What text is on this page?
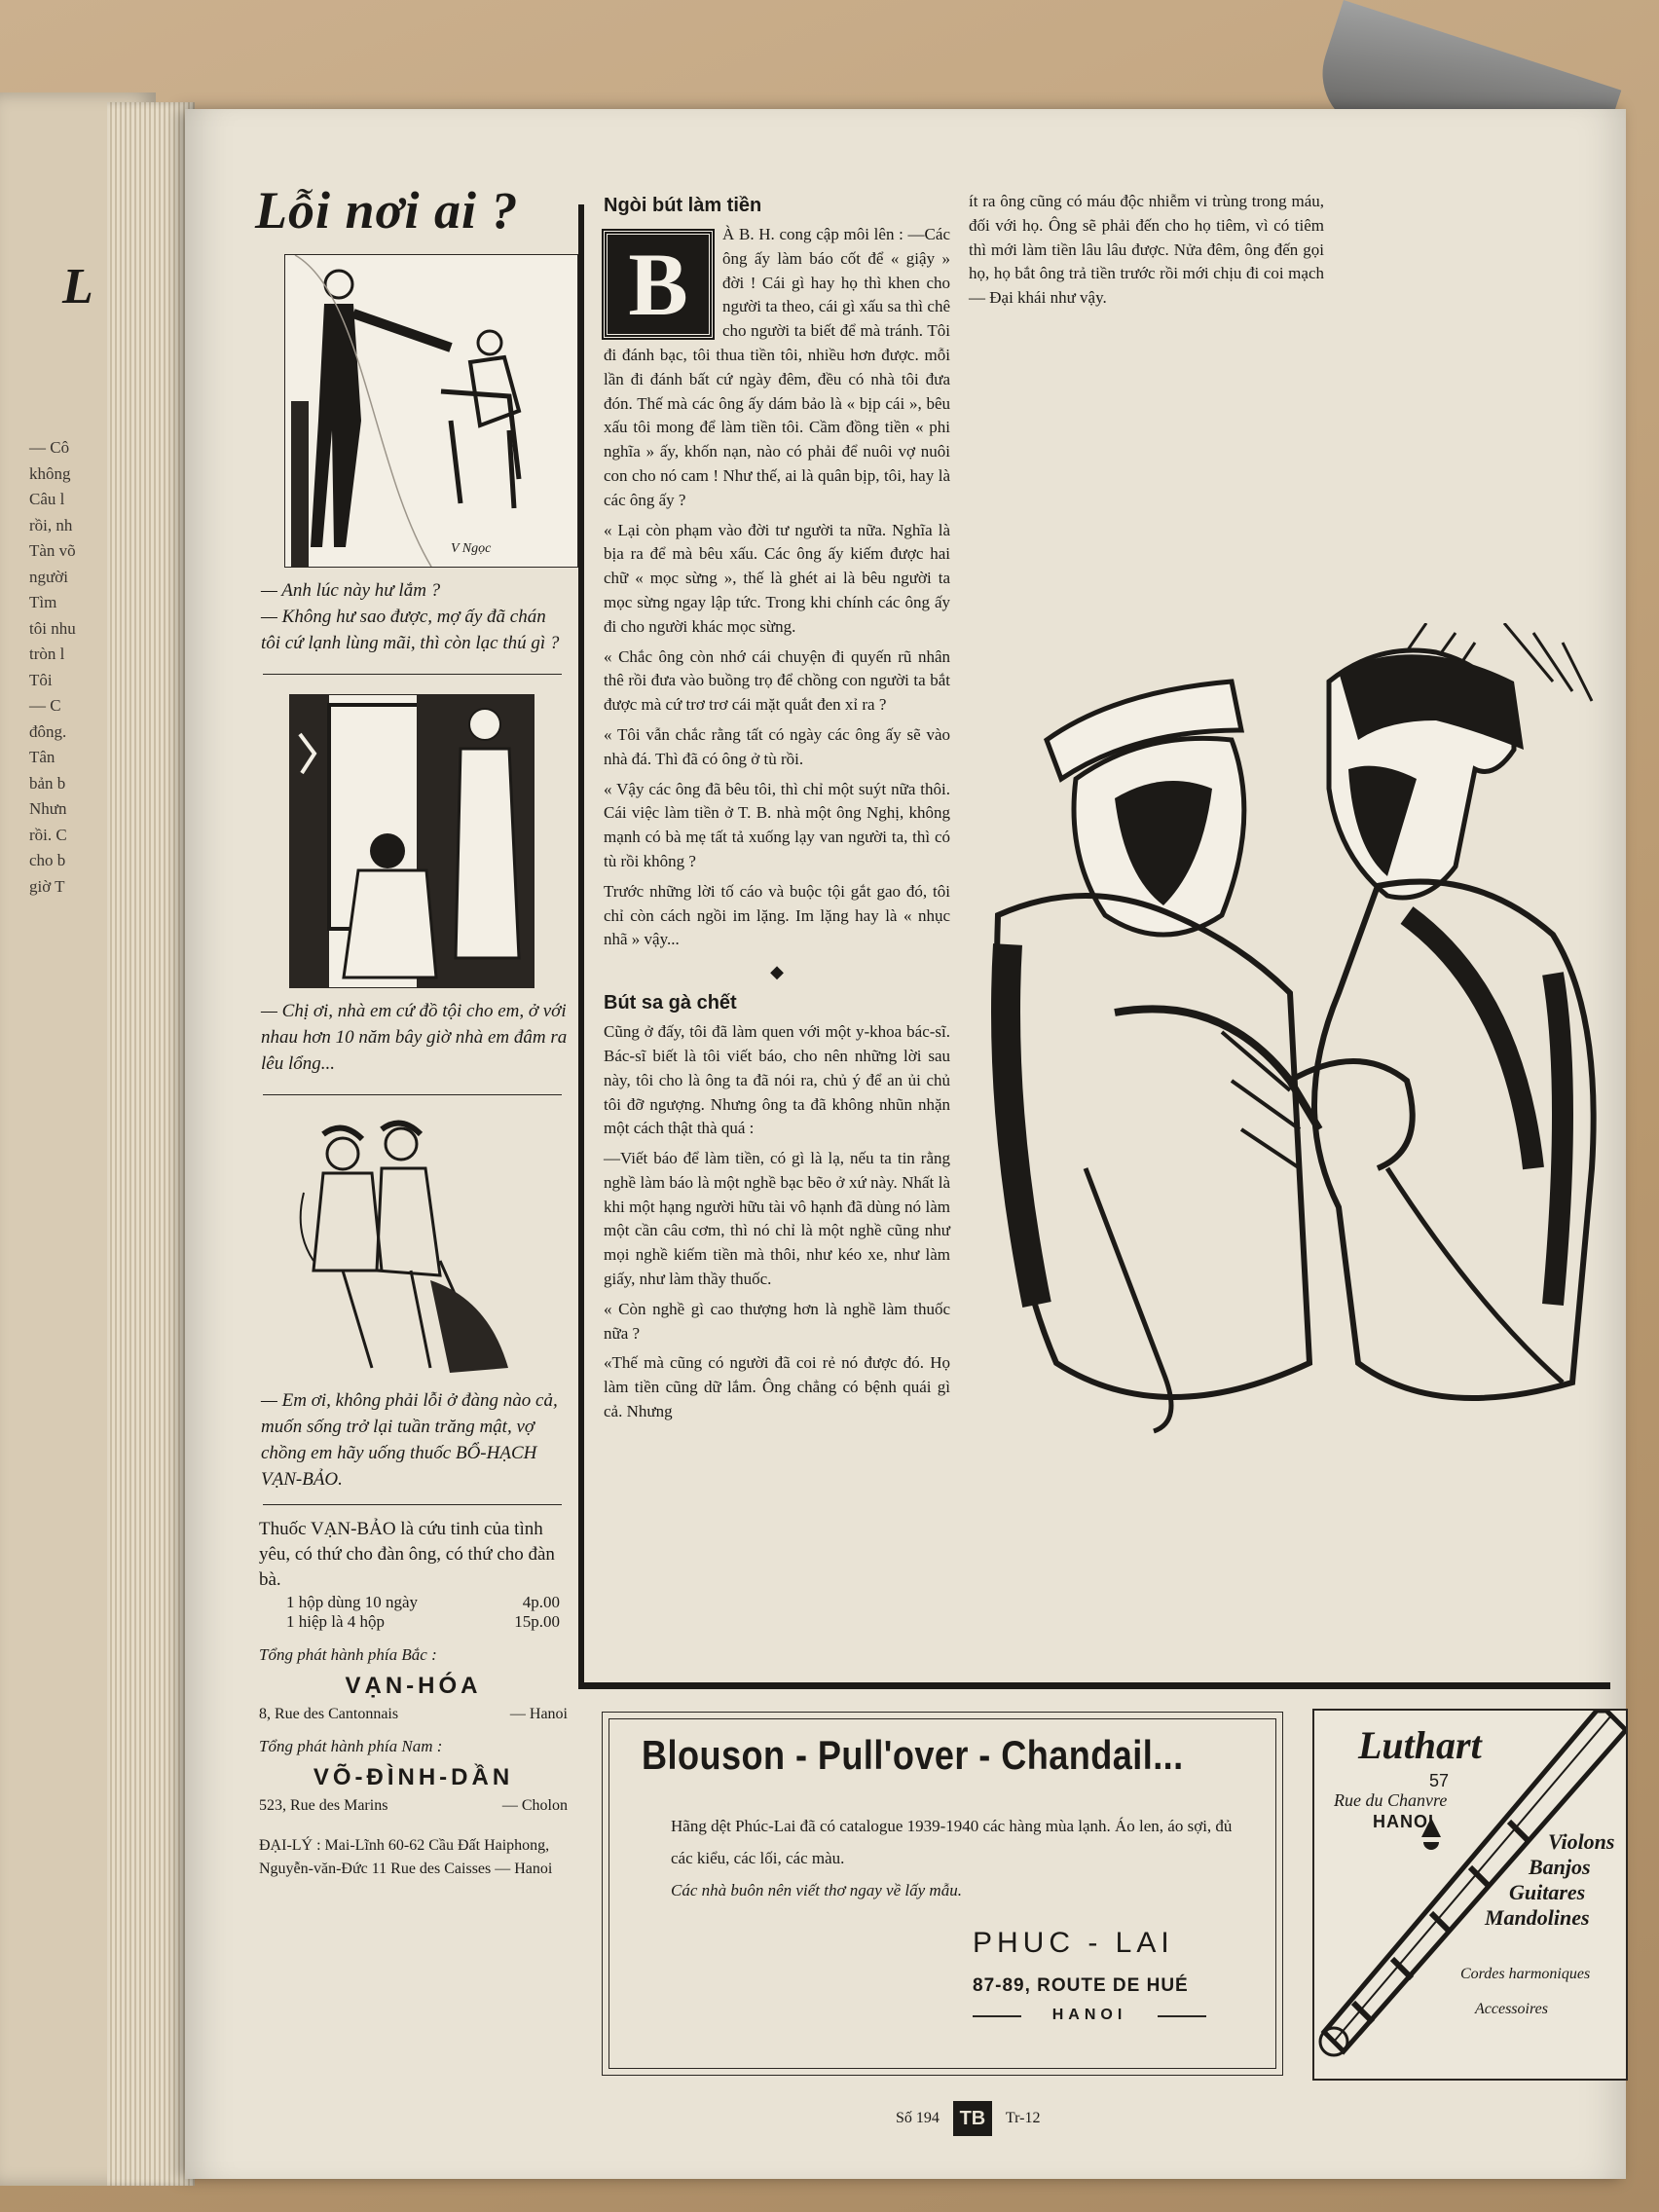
L
— Cô
không
Câu l
rồi, nh
Tàn võ
người
Tìm
tôi nhu
tròn l
Tôi
— C
đông.
Tân
bản b
Nhưn
rồi. C
cho b
giờ T
Lỗi nơi ai ?
V Ngọc
— Anh lúc này hư lắm ?
— Không hư sao được, mợ ấy đã chán tôi cứ lạnh lùng mãi, thì còn lạc thú gì ?
— Chị ơi, nhà em cứ đồ tội cho em, ở với nhau hơn 10 năm bây giờ nhà em đâm ra lêu lổng...
— Em ơi, không phải lỗi ở đàng nào cả, muốn sống trở lại tuần trăng mật, vợ chồng em hãy uống thuốc BỔ-HẠCH VẠN-BẢO.
Thuốc VẠN-BẢO là cứu tinh của tình yêu, có thứ cho đàn ông, có thứ cho đàn bà.
1 hộp dùng 10 ngày	4p.00
1 hiệp là 4 hộp	15p.00
Tổng phát hành phía Bắc :
VẠN-HÓA
8, Rue des Cantonnais	— Hanoi
Tổng phát hành phía Nam :
VÕ-ĐÌNH-DẦN
523, Rue des Marins	— Cholon
ĐẠI-LÝ : Mai-Lĩnh 60-62 Cầu Đất Haiphong, Nguyễn-văn-Đức 11 Rue des Caisses — Hanoi
Ngòi bút làm tiền
B

À B. H. cong cập môi lên : —Các ông ấy làm báo cốt để « giậy » đời ! Cái gì hay họ thì khen cho người ta theo, cái gì xấu sa thì chê cho người ta biết để mà tránh. Tôi đi đánh bạc, tôi thua tiền tôi, nhiều hơn được. mỗi lần đi đánh bất cứ ngày đêm, đều có nhà tôi đưa đón. Thế mà các ông ấy dám bảo là « bịp cái », bêu xấu tôi mong để làm tiền tôi. Cầm đồng tiền « phi nghĩa » ấy, khốn nạn, nào có phải để nuôi vợ nuôi con cho nó cam ! Như thế, ai là quân bịp, tôi, hay là các ông ấy ?

« Lại còn phạm vào đời tư người ta nữa. Nghĩa là bịa ra để mà bêu xấu. Các ông ấy kiếm được hai chữ « mọc sừng », thế là ghét ai là bêu người ta mọc sừng ngay lập tức. Trong khi chính các ông ấy đi cho người khác mọc sừng.

« Chắc ông còn nhớ cái chuyện đi quyến rũ nhân thê rồi đưa vào buồng trọ để chồng con người ta bắt được mà cứ trơ trơ cái mặt quắt đen xỉ ra ?

« Tôi vẫn chắc rằng tất có ngày các ông ấy sẽ vào nhà đá. Thì đã có ông ở tù rồi.

« Vậy các ông đã bêu tôi, thì chỉ một suýt nữa thôi. Cái việc làm tiền ở T. B. nhà một ông Nghị, không mạnh có bà mẹ tất tả xuống lạy van người ta, thì có tù rồi không ?

Trước những lời tố cáo và buộc tội gắt gao đó, tôi chỉ còn cách ngồi im lặng. Im lặng hay là « nhục nhã » vậy...

◆
Bút sa gà chết

Cũng ở đấy, tôi đã làm quen với một y-khoa bác-sĩ. Bác-sĩ biết là tôi viết báo, cho nên những lời sau này, tôi cho là ông ta đã nói ra, chủ ý để an ủi chủ tôi đỡ ngượng. Nhưng ông ta đã không nhũn nhặn một cách thật thà quá :

—Viết báo để làm tiền, có gì là lạ, nếu ta tin rằng nghề làm báo là một nghề bạc bẽo ở xứ này. Nhất là khi một hạng người hữu tài vô hạnh đã dùng nó làm một cần câu cơm, thì nó chỉ là một nghề cũng như mọi nghề kiếm tiền mà thôi, như kéo xe, như làm giấy, như làm thầy thuốc.

« Còn nghề gì cao thượng hơn là nghề làm thuốc nữa ?

«Thế mà cũng có người đã coi rẻ nó được đó. Họ làm tiền cũng dữ lắm. Ông chẳng có bệnh quái gì cả. Nhưng

ít ra ông cũng có máu độc nhiễm vi trùng trong máu, đối với họ. Ông sẽ phải đến cho họ tiêm, vì có tiêm thì mới làm tiền lâu lâu được. Nửa đêm, ông đến gọi họ, họ bắt ông trả tiền trước rồi mới chịu đi coi mạch — Đại khái như vậy.

Blouson - Pull'over - Chandail...
Hãng dệt Phúc-Lai đã có catalogue 1939-1940 các hàng mùa lạnh. Áo len, áo sợi, đủ các kiểu, các lối, các màu.
Các nhà buôn nên viết thơ ngay về lấy mẫu.
PHUC - LAI
87-89, ROUTE DE HUÉ
HANOI
Luthart
57
Rue du Chanvre
HANOI
Violons
Banjos
Guitares
Mandolines
Cordes harmoniques
Accessoires
Số 194	TB	Tr-12
